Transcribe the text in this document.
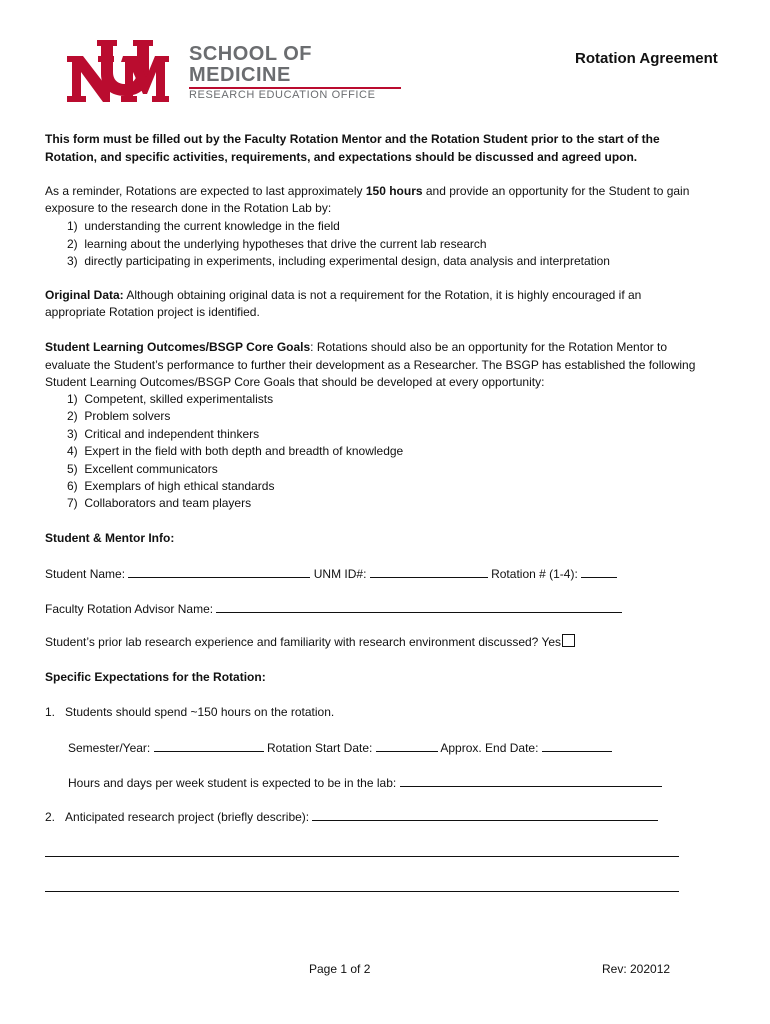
SCHOOL OF
MEDICINE
RESEARCH EDUCATION OFFICE
Rotation Agreement
This form must be filled out by the Faculty Rotation Mentor and the Rotation Student prior to the start of the Rotation, and specific activities, requirements, and expectations should be discussed and agreed upon.
As a reminder, Rotations are expected to last approximately 150 hours and provide an opportunity for the Student to gain exposure to the research done in the Rotation Lab by:
1)  understanding the current knowledge in the field
2)  learning about the underlying hypotheses that drive the current lab research
3)  directly participating in experiments, including experimental design, data analysis and interpretation
Original Data: Although obtaining original data is not a requirement for the Rotation, it is highly encouraged if an appropriate Rotation project is identified.
Student Learning Outcomes/BSGP Core Goals: Rotations should also be an opportunity for the Rotation Mentor to evaluate the Student’s performance to further their development as a Researcher. The BSGP has established the following Student Learning Outcomes/BSGP Core Goals that should be developed at every opportunity:
1)  Competent, skilled experimentalists
2)  Problem solvers
3)  Critical and independent thinkers
4)  Expert in the field with both depth and breadth of knowledge
5)  Excellent communicators
6)  Exemplars of high ethical standards
7)  Collaborators and team players
Student & Mentor Info:
Student Name:	UNM ID#:	Rotation # (1-4):
Faculty Rotation Advisor Name:
Student’s prior lab research experience and familiarity with research environment discussed? Yes
Specific Expectations for the Rotation:
1. Students should spend ~150 hours on the rotation.
Semester/Year:	Rotation Start Date:	Approx. End Date:
Hours and days per week student is expected to be in the lab:
2. Anticipated research project (briefly describe):
Page 1 of 2	Rev: 202012
